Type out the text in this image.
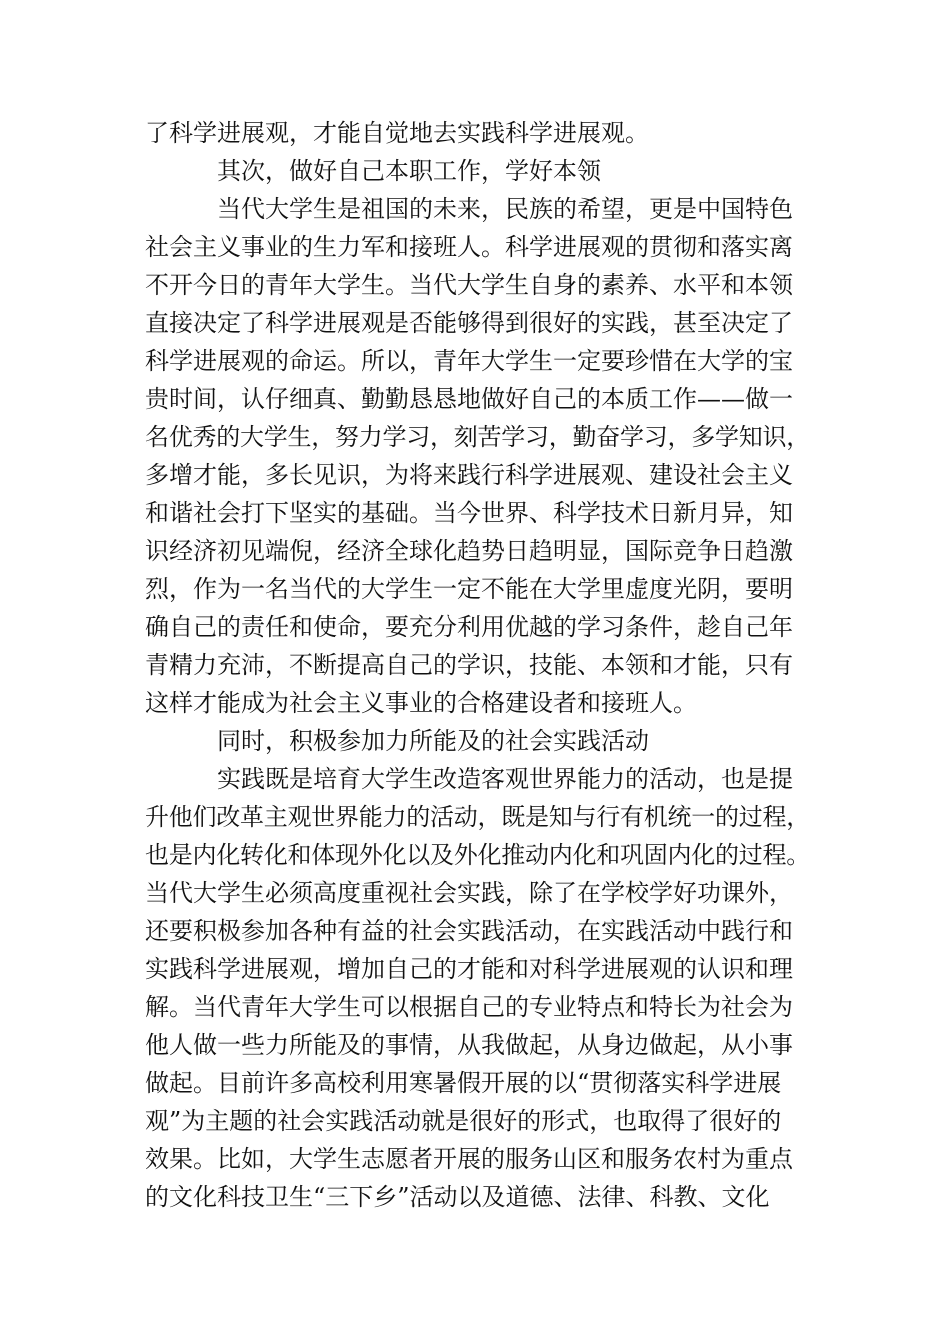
了科学进展观，才能自觉地去实践科学进展观。
其次，做好自己本职工作，学好本领
当代大学生是祖国的未来，民族的希望，更是中国特色
社会主义事业的生力军和接班人。科学进展观的贯彻和落实离
不开今日的青年大学生。当代大学生自身的素养、水平和本领
直接决定了科学进展观是否能够得到很好的实践，甚至决定了
科学进展观的命运。所以，青年大学生一定要珍惜在大学的宝
贵时间，认仔细真、勤勤恳恳地做好自己的本质工作——做一
名优秀的大学生，努力学习，刻苦学习，勤奋学习，多学知识，
多增才能，多长见识，为将来践行科学进展观、建设社会主义
和谐社会打下坚实的基础。当今世界、科学技术日新月异，知
识经济初见端倪，经济全球化趋势日趋明显，国际竞争日趋激
烈，作为一名当代的大学生一定不能在大学里虚度光阴，要明
确自己的责任和使命，要充分利用优越的学习条件，趁自己年
青精力充沛，不断提高自己的学识，技能、本领和才能，只有
这样才能成为社会主义事业的合格建设者和接班人。
同时，积极参加力所能及的社会实践活动
实践既是培育大学生改造客观世界能力的活动，也是提
升他们改革主观世界能力的活动，既是知与行有机统一的过程，
也是内化转化和体现外化以及外化推动内化和巩固内化的过程。
当代大学生必须高度重视社会实践，除了在学校学好功课外，
还要积极参加各种有益的社会实践活动，在实践活动中践行和
实践科学进展观，增加自己的才能和对科学进展观的认识和理
解。当代青年大学生可以根据自己的专业特点和特长为社会为
他人做一些力所能及的事情，从我做起，从身边做起，从小事
做起。目前许多高校利用寒暑假开展的以“贯彻落实科学进展
观”为主题的社会实践活动就是很好的形式，也取得了很好的
效果。比如，大学生志愿者开展的服务山区和服务农村为重点
的文化科技卫生“三下乡”活动以及道德、法律、科教、文化
